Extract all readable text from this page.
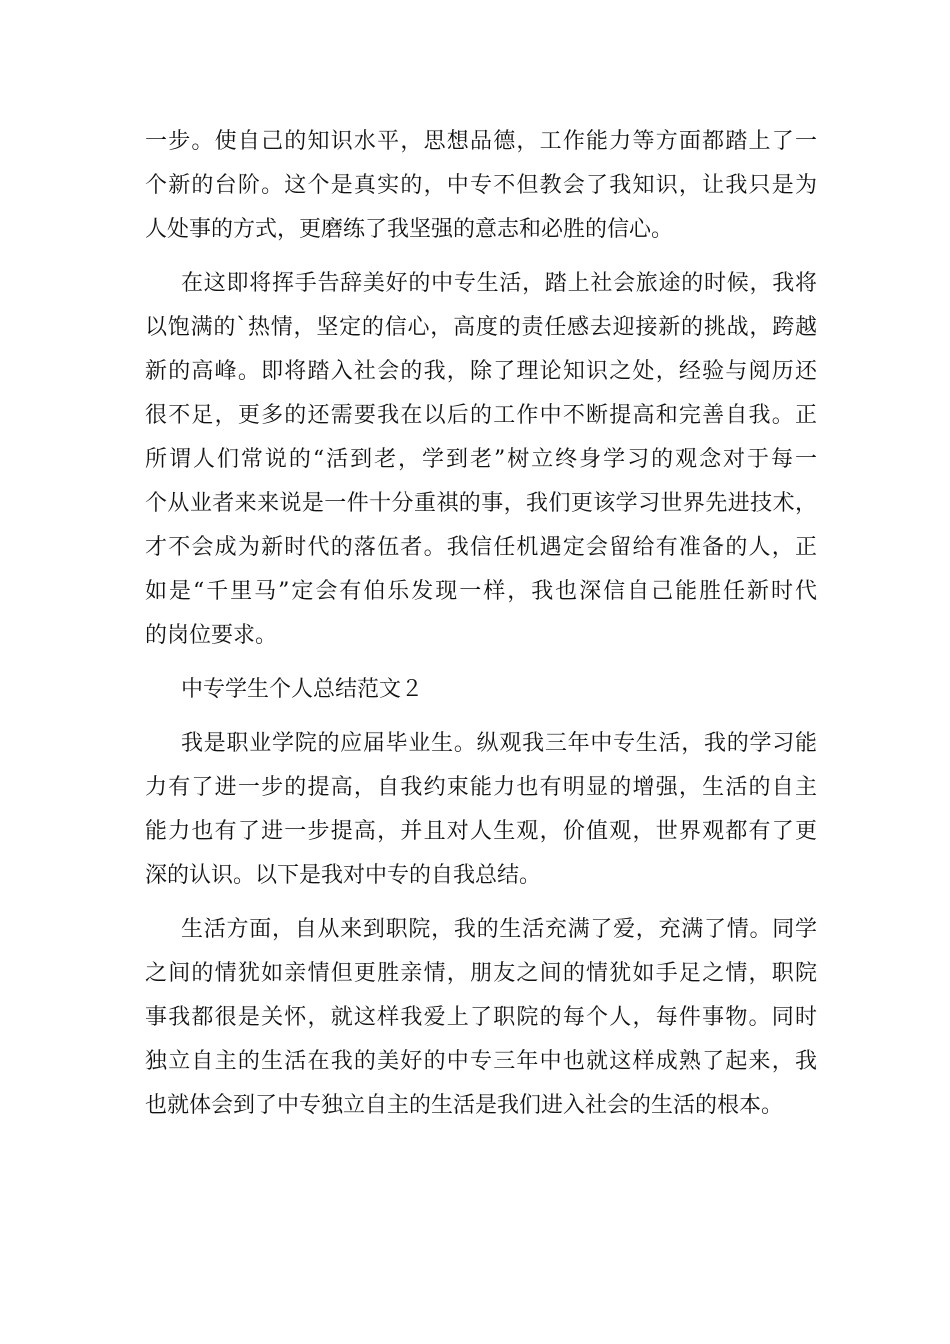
一步。使自己的知识水平，思想品德，工作能力等方面都踏上了一
个新的台阶。这个是真实的，中专不但教会了我知识，让我只是为
人处事的方式，更磨练了我坚强的意志和必胜的信心。
在这即将挥手告辞美好的中专生活，踏上社会旅途的时候，我将
以饱满的`热情，坚定的信心，高度的责任感去迎接新的挑战，跨越
新的高峰。即将踏入社会的我，除了理论知识之处，经验与阅历还
很不足，更多的还需要我在以后的工作中不断提高和完善自我。正
所谓人们常说的“活到老，学到老”树立终身学习的观念对于每一
个从业者来来说是一件十分重祺的事，我们更该学习世界先进技术，
才不会成为新时代的落伍者。我信任机遇定会留给有准备的人，正
如是“千里马”定会有伯乐发现一样，我也深信自己能胜任新时代
的岗位要求。
中专学生个人总结范文２
我是职业学院的应届毕业生。纵观我三年中专生活，我的学习能
力有了进一步的提高，自我约束能力也有明显的增强，生活的自主
能力也有了进一步提高，并且对人生观，价值观，世界观都有了更
深的认识。以下是我对中专的自我总结。
生活方面，自从来到职院，我的生活充满了爱，充满了情。同学
之间的情犹如亲情但更胜亲情，朋友之间的情犹如手足之情，职院
事我都很是关怀，就这样我爱上了职院的每个人，每件事物。同时
独立自主的生活在我的美好的中专三年中也就这样成熟了起来，我
也就体会到了中专独立自主的生活是我们进入社会的生活的根本。
